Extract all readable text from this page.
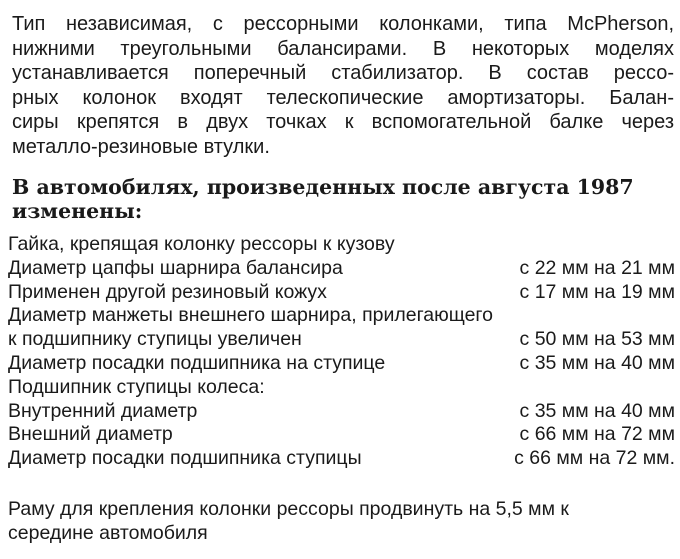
Тип независимая, с рессорными колонками, типа McPherson,
нижними треугольными балансирами. В некоторых моделях
устанавливается поперечный стабилизатор. В состав рессо-
рных колонок входят телескопические амортизаторы. Балан-
сиры крепятся в двух точках к вспомогательной балке через
металло-резиновые втулки.
В автомобилях, произведенных после августа 1987
изменены:
Гайка, крепящая колонку рессоры к кузову
Диаметр цапфы шарнира балансира	с 22 мм на 21 мм
Применен другой резиновый кожух	с 17 мм на 19 мм
Диаметр манжеты внешнего шарнира, прилегающего
к подшипнику ступицы увеличен	с 50 мм на 53 мм
Диаметр посадки подшипника на ступице	с 35 мм на 40 мм
Подшипник ступицы колеса:
Внутренний диаметр	с 35 мм на 40 мм
Внешний диаметр	с 66 мм на 72 мм
Диаметр посадки подшипника ступицы	с 66 мм на 72 мм.
Раму для крепления колонки рессоры продвинуть на 5,5 мм к
середине автомобиля
